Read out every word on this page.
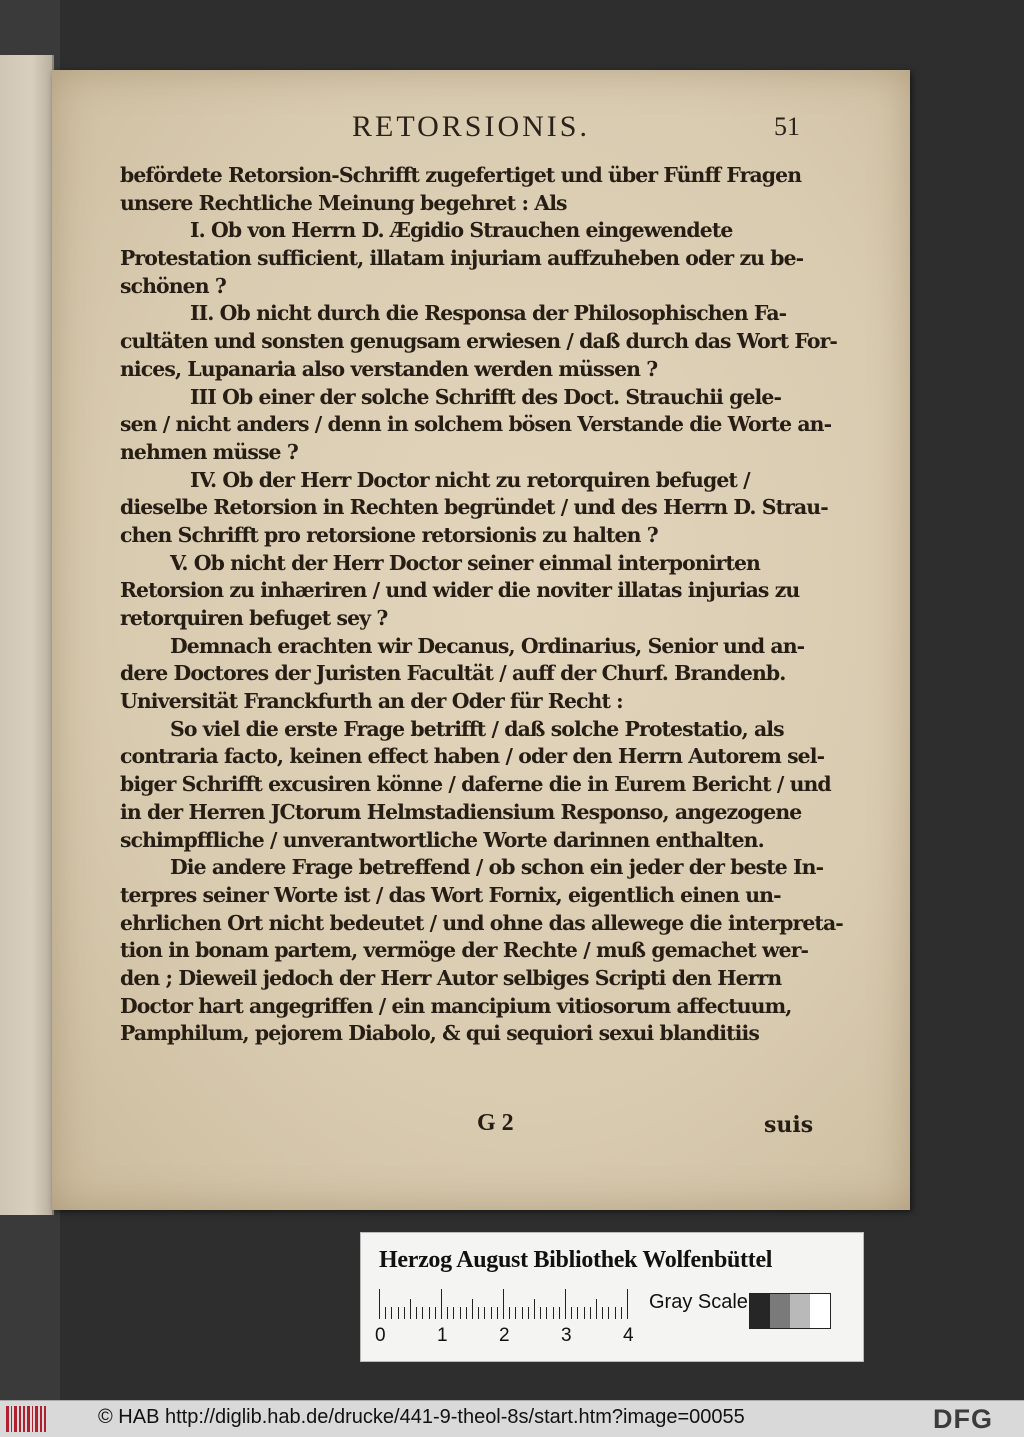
RETORSIONIS.	51
befördete Retorsion-Schrifft zugefertiget und über Fünff Fragen
unsere Rechtliche Meinung begehret : Als
I. Ob von Herrn D. Ægidio Strauchen eingewendete
Protestation sufficient, illatam injuriam auffzuheben oder zu be-
schönen ?
II. Ob nicht durch die Responsa der Philosophischen Fa-
cultäten und sonsten genugsam erwiesen / daß durch das Wort For-
nices, Lupanaria also verstanden werden müssen ?
III Ob einer der solche Schrifft des Doct. Strauchii gele-
sen / nicht anders / denn in solchem bösen Verstande die Worte an-
nehmen müsse ?
IV. Ob der Herr Doctor nicht zu retorquiren befuget /
dieselbe Retorsion in Rechten begründet / und des Herrn D. Strau-
chen Schrifft pro retorsione retorsionis zu halten ?
V. Ob nicht der Herr Doctor seiner einmal interponirten
Retorsion zu inhæriren / und wider die noviter illatas injurias zu
retorquiren befuget sey ?
Demnach erachten wir Decanus, Ordinarius, Senior und an-
dere Doctores der Juristen Facultät / auff der Churf. Brandenb.
Universität Franckfurth an der Oder für Recht :
So viel die erste Frage betrifft / daß solche Protestatio, als
contraria facto, keinen effect haben / oder den Herrn Autorem sel-
biger Schrifft excusiren könne / daferne die in Eurem Bericht / und
in der Herren JCtorum Helmstadiensium Responso, angezogene
schimpffliche / unverantwortliche Worte darinnen enthalten.
Die andere Frage betreffend / ob schon ein jeder der beste In-
terpres seiner Worte ist / das Wort Fornix, eigentlich einen un-
ehrlichen Ort nicht bedeutet / und ohne das allewege die interpreta-
tion in bonam partem, vermöge der Rechte / muß gemachet wer-
den ; Dieweil jedoch der Herr Autor selbiges Scripti den Herrn
Doctor hart angegriffen / ein mancipium vitiosorum affectuum,
Pamphilum, pejorem Diabolo, & qui sequiori sexui blanditiis
G 2	suis
Herzog August Bibliothek Wolfenbüttel
0	1	2	3	4
Gray Scale
© HAB http://diglib.hab.de/drucke/441-9-theol-8s/start.htm?image=00055	DFG
